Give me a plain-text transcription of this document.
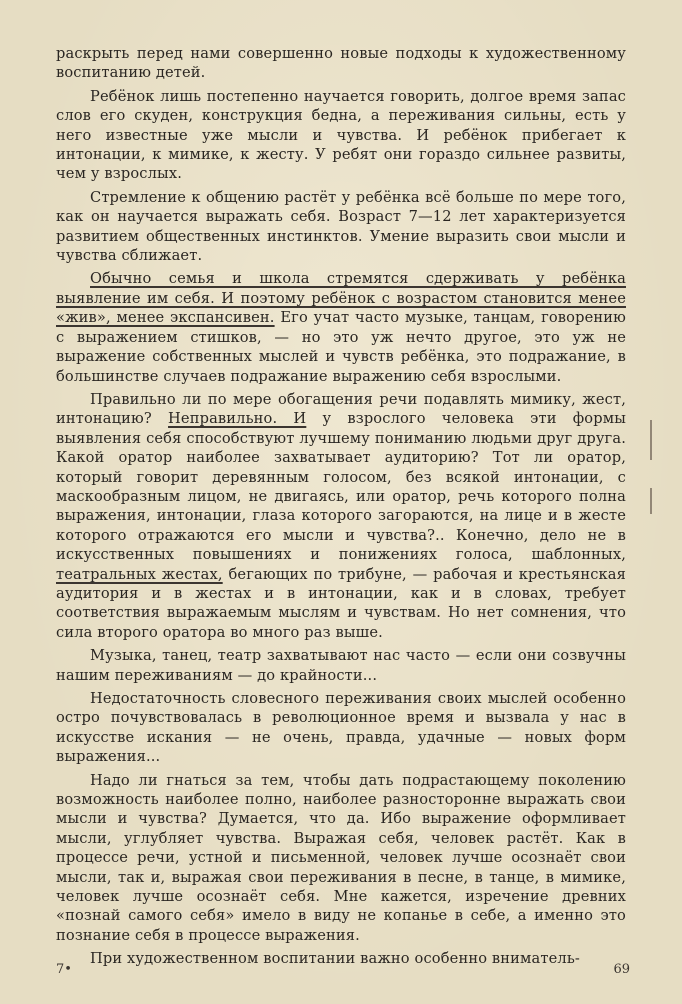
раскрыть перед нами совершенно новые подходы к художественному воспитанию детей.

Ребёнок лишь постепенно научается говорить, долгое время запас слов его скуден, конструкция бедна, а переживания сильны, есть у него известные уже мысли и чувства. И ребёнок прибегает к интонации, к мимике, к жесту. У ребят они гораздо сильнее развиты, чем у взрослых.

Стремление к общению растёт у ребёнка всё больше по мере того, как он научается выражать себя. Возраст 7—12 лет характеризуется развитием общественных инстинктов. Умение выразить свои мысли и чувства сближает.

Обычно семья и школа стремятся сдерживать у ребёнка выявление им себя. И поэтому ребёнок с возрастом становится менее «жив», менее экспансивен. Его учат часто музыке, танцам, говорению с выражением стишков, — но это уж нечто другое, это уж не выражение собственных мыслей и чувств ребёнка, это подражание, в большинстве случаев подражание выражению себя взрослыми.

Правильно ли по мере обогащения речи подавлять мимику, жест, интонацию? Неправильно. И у взрослого человека эти формы выявления себя способствуют лучшему пониманию людьми друг друга. Какой оратор наиболее захватывает аудиторию? Тот ли оратор, который говорит деревянным голосом, без всякой интонации, с маскообразным лицом, не двигаясь, или оратор, речь которого полна выражения, интонации, глаза которого загораются, на лице и в жесте которого отражаются его мысли и чувства?.. Конечно, дело не в искусственных повышениях и понижениях голоса, шаблонных, театральных жестах, бегающих по трибуне, — рабочая и крестьянская аудитория и в жестах и в интонации, как и в словах, требует соответствия выражаемым мыслям и чувствам. Но нет сомнения, что сила второго оратора во много раз выше.

Музыка, танец, театр захватывают нас часто — если они созвучны нашим переживаниям — до крайности...

Недостаточность словесного переживания своих мыслей особенно остро почувствовалась в революционное время и вызвала у нас в искусстве искания — не очень, правда, удачные — новых форм выражения...

Надо ли гнаться за тем, чтобы дать подрастающему поколению возможность наиболее полно, наиболее разносторонне выражать свои мысли и чувства? Думается, что да. Ибо выражение оформливает мысли, углубляет чувства. Выражая себя, человек растёт. Как в процессе речи, устной и письменной, человек лучше осознаёт свои мысли, так и, выражая свои переживания в песне, в танце, в мимике, человек лучше осознаёт себя. Мне кажется, изречение древних «познай самого себя» имело в виду не копанье в себе, а именно это познание себя в процессе выражения.

При художественном воспитании важно особенно вниматель-

7•	69
